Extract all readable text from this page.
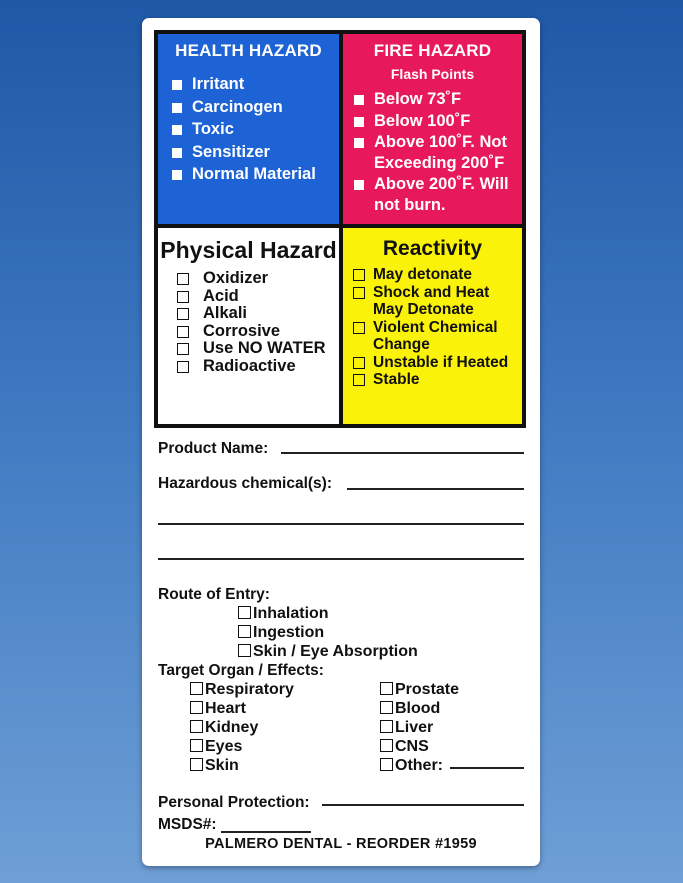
HEALTH HAZARD
Irritant
Carcinogen
Toxic
Sensitizer
Normal Material
FIRE HAZARD
Flash Points
Below 73˚F
Below 100˚F
Above 100˚F. Not Exceeding 200˚F
Above 200˚F. Will not burn.
Physical Hazard
Oxidizer
Acid
Alkali
Corrosive
Use NO WATER
Radioactive
Reactivity
May detonate
Shock and Heat May Detonate
Violent Chemical Change
Unstable if Heated
Stable
Product Name:
Hazardous chemical(s):
Route of Entry:
Inhalation
Ingestion
Skin / Eye Absorption
Target Organ / Effects:
Respiratory
Heart
Kidney
Eyes
Skin
Prostate
Blood
Liver
CNS
Other:
Personal Protection:
MSDS#:
PALMERO DENTAL - REORDER #1959
